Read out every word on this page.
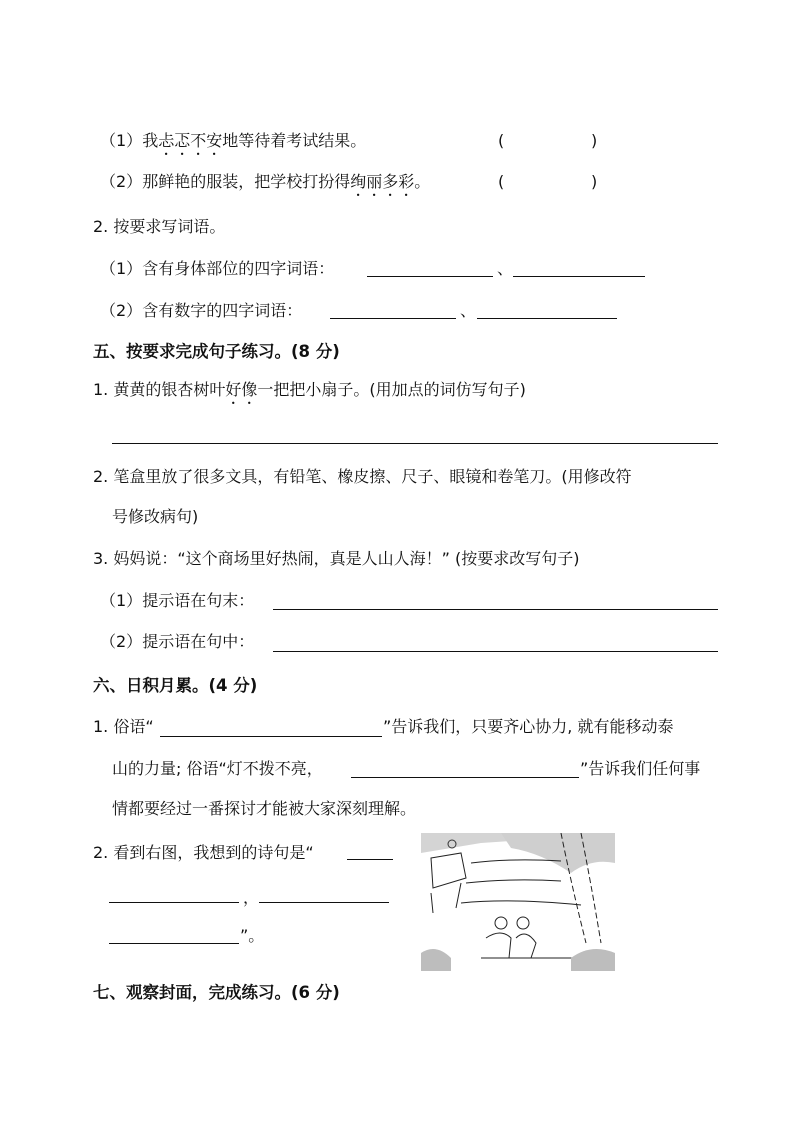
（1）我忐忑不安地等待着考试结果。	(	)
（2）那鲜艳的服装，把学校打扮得绚丽多彩。	(	)
2. 按要求写词语。
（1）含有身体部位的四字词语：	、
（2）含有数字的四字词语：	、
五、按要求完成句子练习。(8 分)
1. 黄黄的银杏树叶好像一把把小扇子。(用加点的词仿写句子)
2. 笔盒里放了很多文具，有铅笔、橡皮擦、尺子、眼镜和卷笔刀。(用修改符
号修改病句)
3. 妈妈说：“这个商场里好热闹，真是人山人海！” (按要求改写句子)
（1）提示语在句末：
（2）提示语在句中：
六、日积月累。(4 分)
1. 俗语“	”告诉我们，只要齐心协力, 就有能移动泰
山的力量; 俗语“灯不拨不亮，	”告诉我们任何事
情都要经过一番探讨才能被大家深刻理解。
2. 看到右图，我想到的诗句是“
，
”。
七、观察封面，完成练习。(6 分)
